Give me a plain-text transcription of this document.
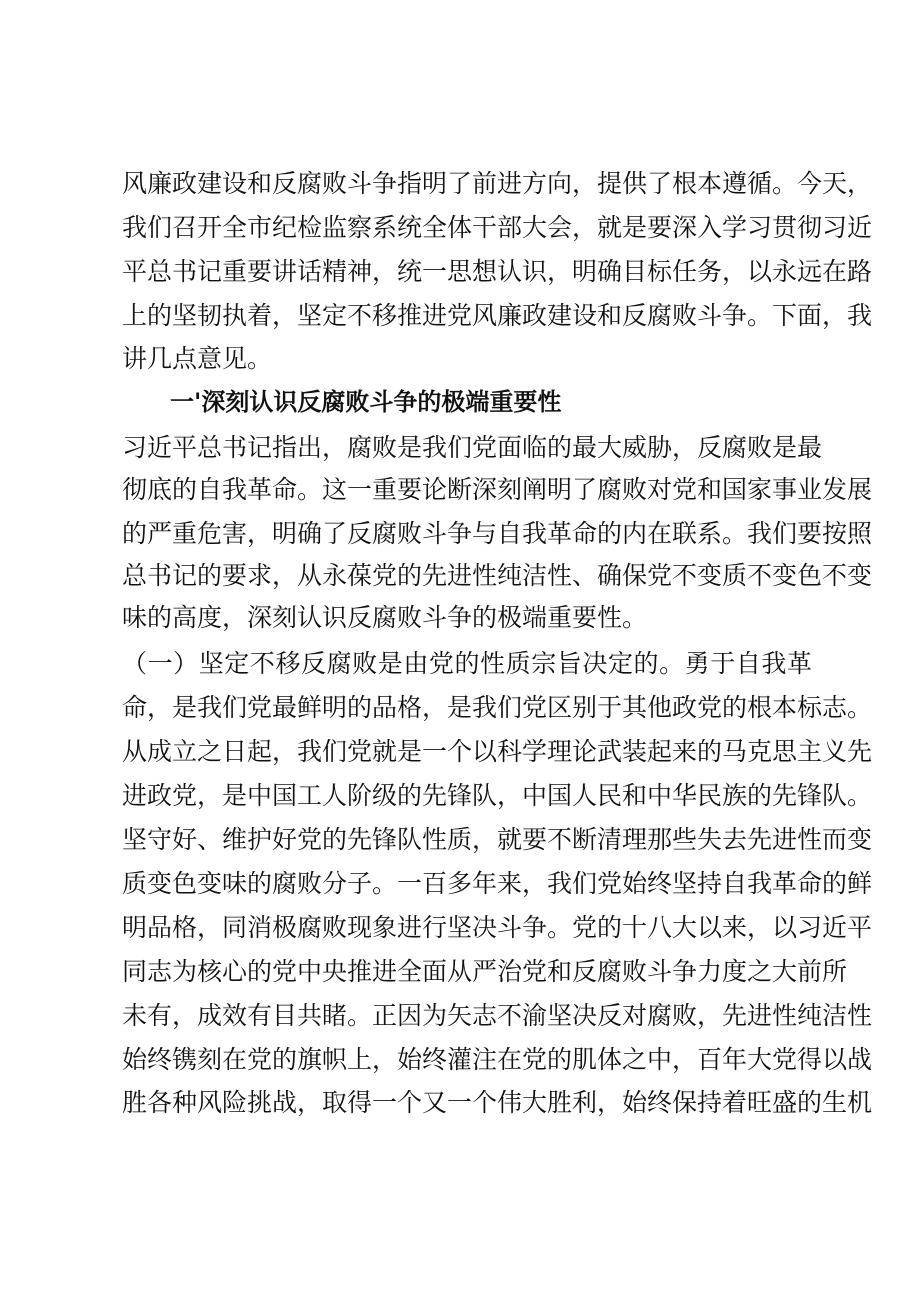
风廉政建设和反腐败斗争指明了前进方向，提供了根本遵循。今天，
我们召开全市纪检监察系统全体干部大会，就是要深入学习贯彻习近
平总书记重要讲话精神，统一思想认识，明确目标任务，以永远在路
上的坚韧执着，坚定不移推进党风廉政建设和反腐败斗争。下面，我
讲几点意见。
一'深刻认识反腐败斗争的极端重要性
习近平总书记指出，腐败是我们党面临的最大威胁，反腐败是最
彻底的自我革命。这一重要论断深刻阐明了腐败对党和国家事业发展
的严重危害，明确了反腐败斗争与自我革命的内在联系。我们要按照
总书记的要求，从永葆党的先进性纯洁性、确保党不变质不变色不变
味的高度，深刻认识反腐败斗争的极端重要性。
（一）坚定不移反腐败是由党的性质宗旨决定的。勇于自我革
命，是我们党最鲜明的品格，是我们党区别于其他政党的根本标志。
从成立之日起，我们党就是一个以科学理论武装起来的马克思主义先
进政党，是中国工人阶级的先锋队，中国人民和中华民族的先锋队。
坚守好、维护好党的先锋队性质，就要不断清理那些失去先进性而变
质变色变味的腐败分子。一百多年来，我们党始终坚持自我革命的鲜
明品格，同消极腐败现象进行坚决斗争。党的十八大以来，以习近平
同志为核心的党中央推进全面从严治党和反腐败斗争力度之大前所
未有，成效有目共睹。正因为矢志不渝坚决反对腐败，先进性纯洁性
始终镌刻在党的旗帜上，始终灌注在党的肌体之中，百年大党得以战
胜各种风险挑战，取得一个又一个伟大胜利，始终保持着旺盛的生机
